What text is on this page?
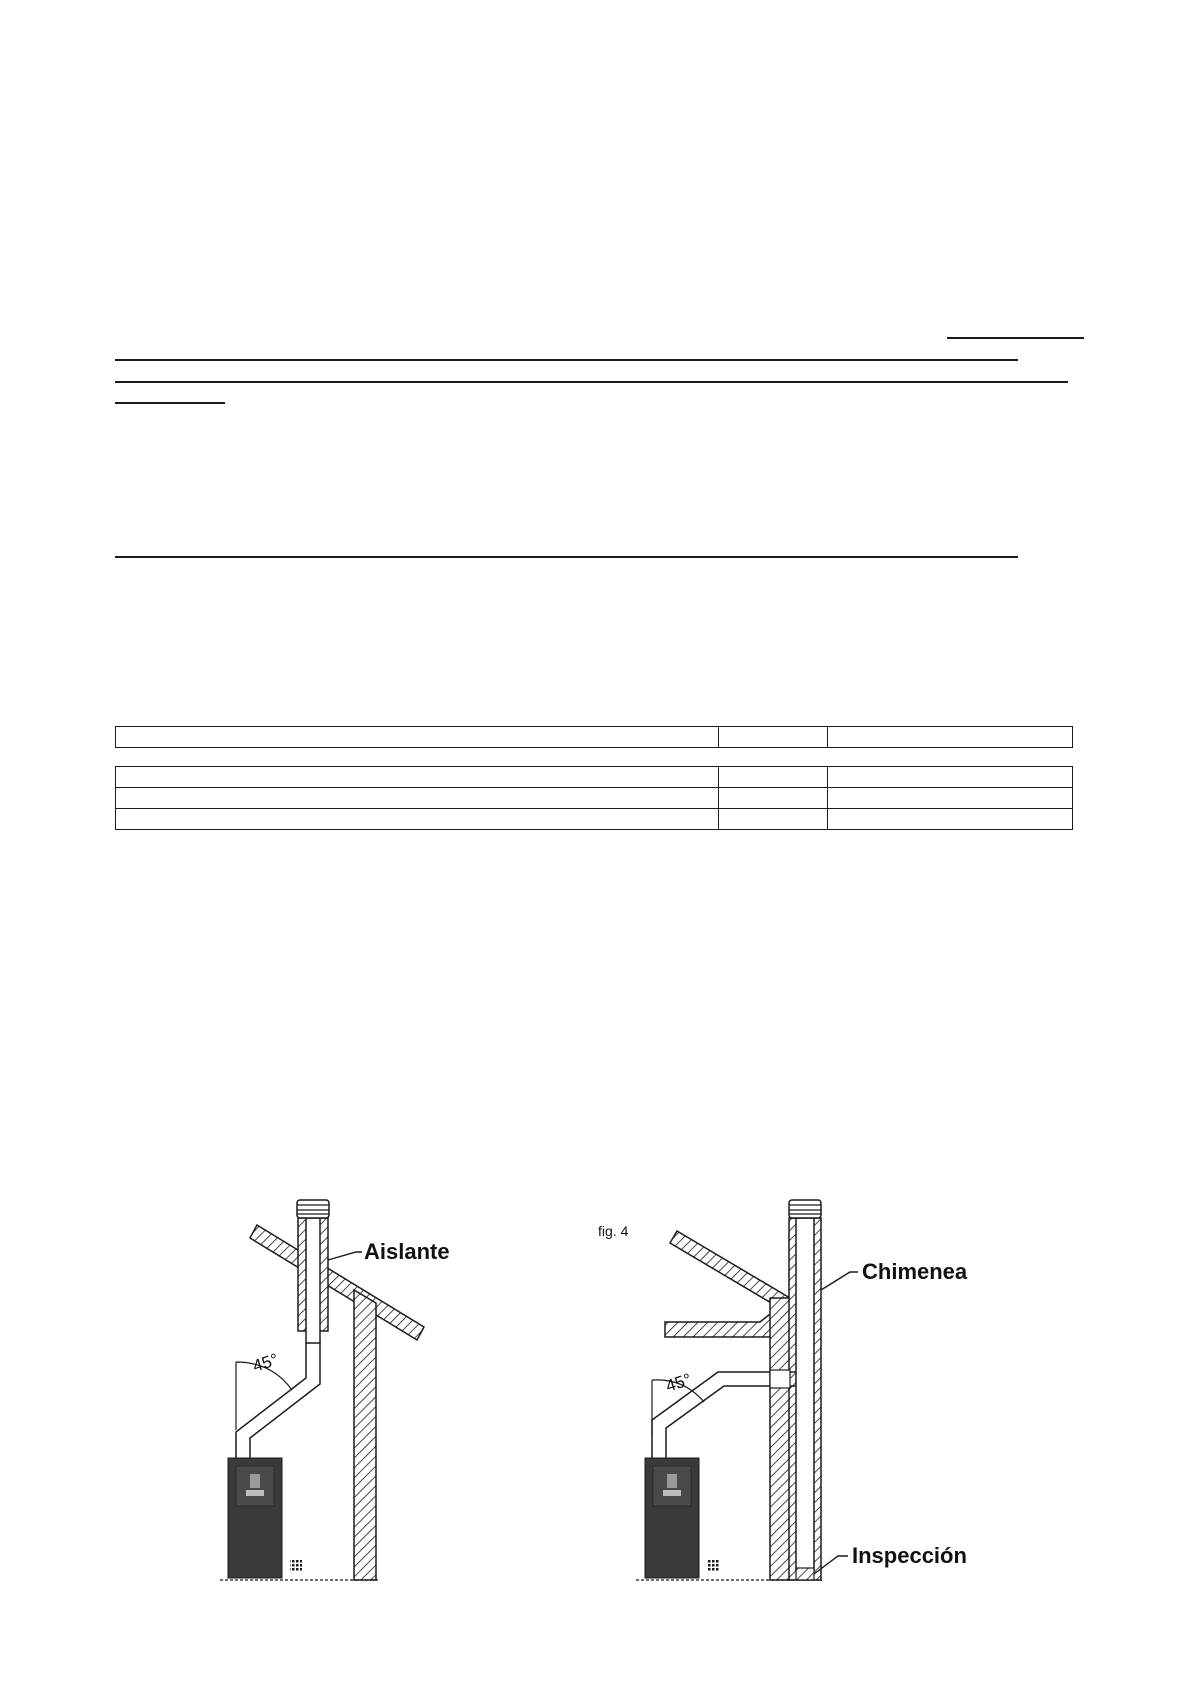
45°
Aislante
fig. 4
45°
Chimenea
Inspección
